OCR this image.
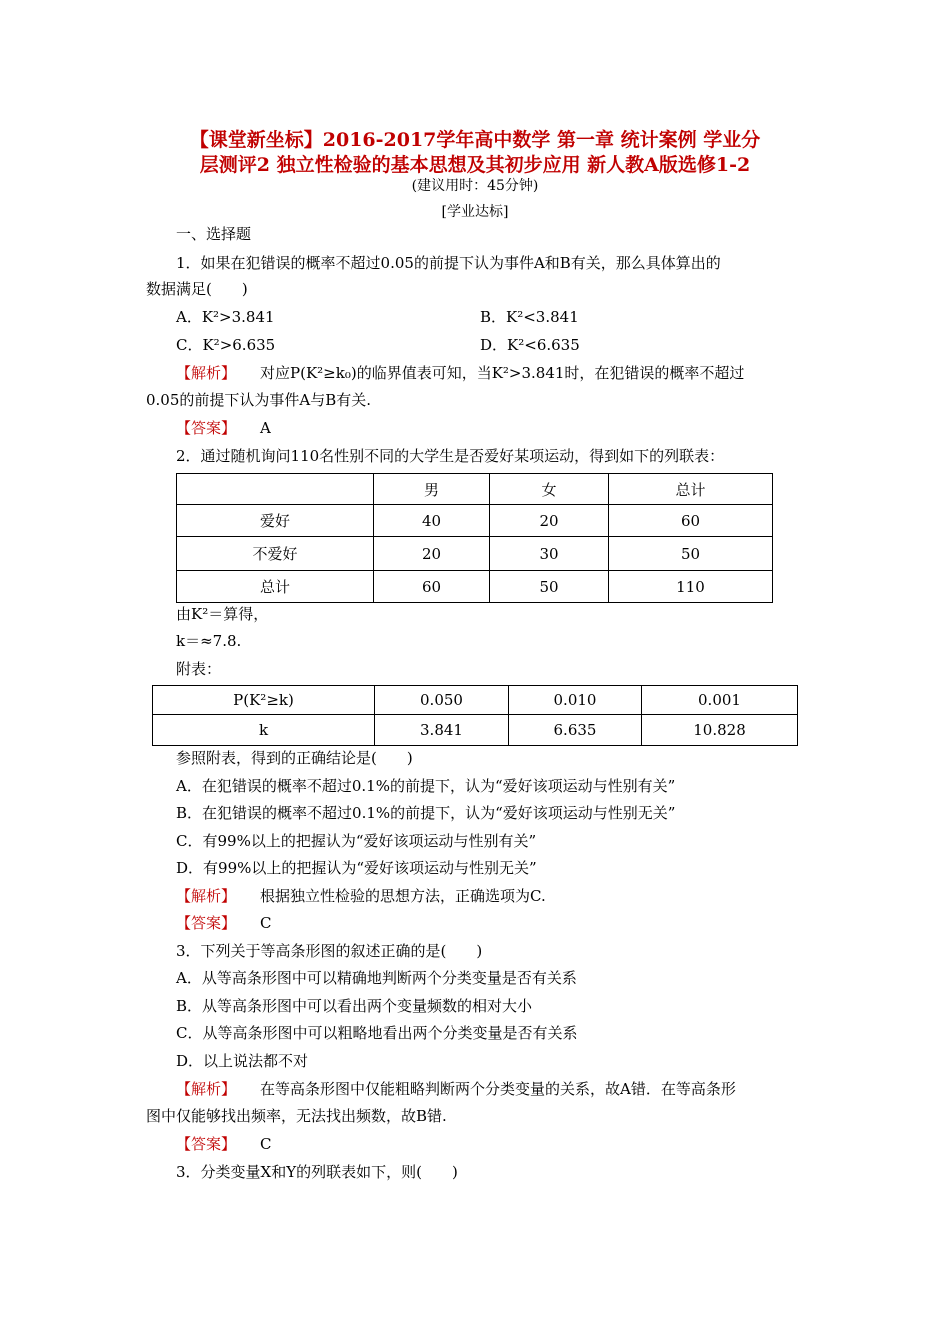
【课堂新坐标】2016-2017学年高中数学 第一章 统计案例 学业分
层测评2 独立性检验的基本思想及其初步应用 新人教A版选修1-2
(建议用时：45分钟)
[学业达标]
一、选择题
1．如果在犯错误的概率不超过0.05的前提下认为事件A和B有关，那么具体算出的
数据满足(　　)
A．K²>3.841	B．K²<3.841
C．K²>6.635	D．K²<6.635
【解析】 对应P(K²≥k₀)的临界值表可知，当K²>3.841时，在犯错误的概率不超过
0.05的前提下认为事件A与B有关.
【答案】 A
2．通过随机询问110名性别不同的大学生是否爱好某项运动，得到如下的列联表：
	男	女	总计
爱好	40	20	60
不爱好	20	30	50
总计	60	50	110
由K²＝算得，
k＝≈7.8.
附表：
P(K²≥k)	0.050	0.010	0.001
k	3.841	6.635	10.828
参照附表，得到的正确结论是(　　)
A．在犯错误的概率不超过0.1%的前提下，认为“爱好该项运动与性别有关”
B．在犯错误的概率不超过0.1%的前提下，认为“爱好该项运动与性别无关”
C．有99%以上的把握认为“爱好该项运动与性别有关”
D．有99%以上的把握认为“爱好该项运动与性别无关”
【解析】 根据独立性检验的思想方法，正确选项为C.
【答案】 C
3．下列关于等高条形图的叙述正确的是(　　)
A．从等高条形图中可以精确地判断两个分类变量是否有关系
B．从等高条形图中可以看出两个变量频数的相对大小
C．从等高条形图中可以粗略地看出两个分类变量是否有关系
D．以上说法都不对
【解析】 在等高条形图中仅能粗略判断两个分类变量的关系，故A错．在等高条形
图中仅能够找出频率，无法找出频数，故B错.
【答案】 C
3．分类变量X和Y的列联表如下，则(　　)
